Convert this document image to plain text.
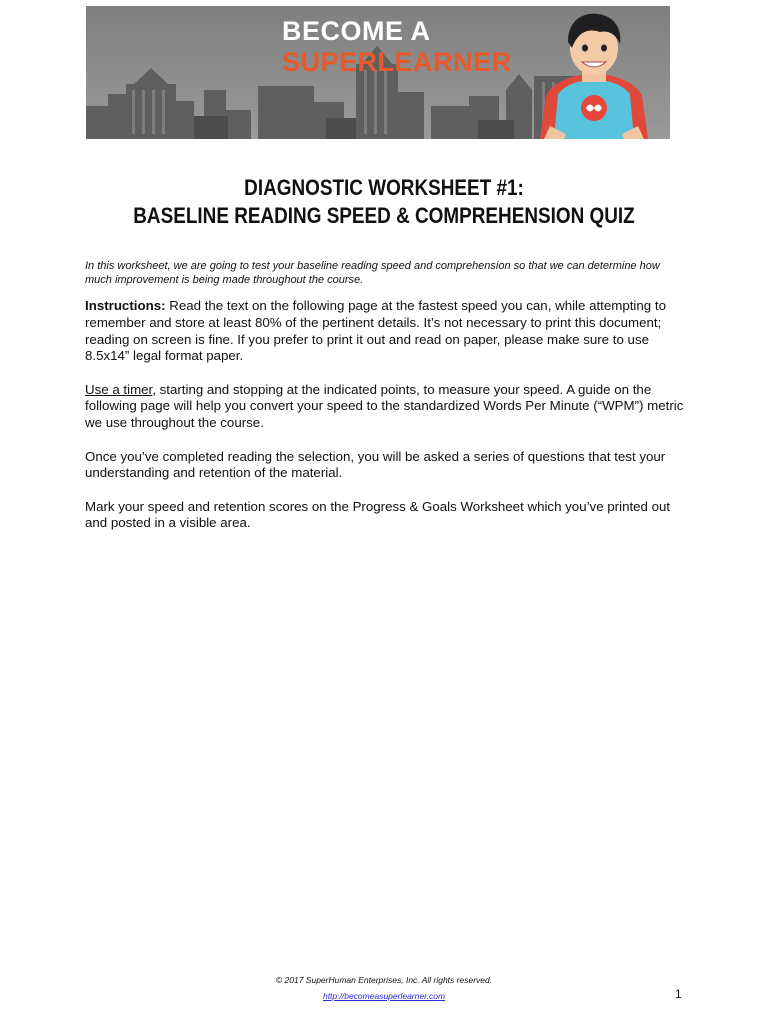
BECOME A
SUPERLEARNER
DIAGNOSTIC WORKSHEET #1:
BASELINE READING SPEED & COMPREHENSION QUIZ

In this worksheet, we are going to test your baseline reading speed and comprehension so that we can determine how much improvement is being made throughout the course.

Instructions: Read the text on the following page at the fastest speed you can, while attempting to remember and store at least 80% of the pertinent details. It’s not necessary to print this document; reading on screen is fine. If you prefer to print it out and read on paper, please make sure to use 8.5x14” legal format paper.

Use a timer, starting and stopping at the indicated points, to measure your speed. A guide on the following page will help you convert your speed to the standardized Words Per Minute (“WPM”) metric we use throughout the course.

Once you’ve completed reading the selection, you will be asked a series of questions that test your understanding and retention of the material.

Mark your speed and retention scores on the Progress & Goals Worksheet which you’ve printed out and posted in a visible area.

© 2017 SuperHuman Enterprises, Inc. All rights reserved.
http://becomeasuperlearner.com	1
